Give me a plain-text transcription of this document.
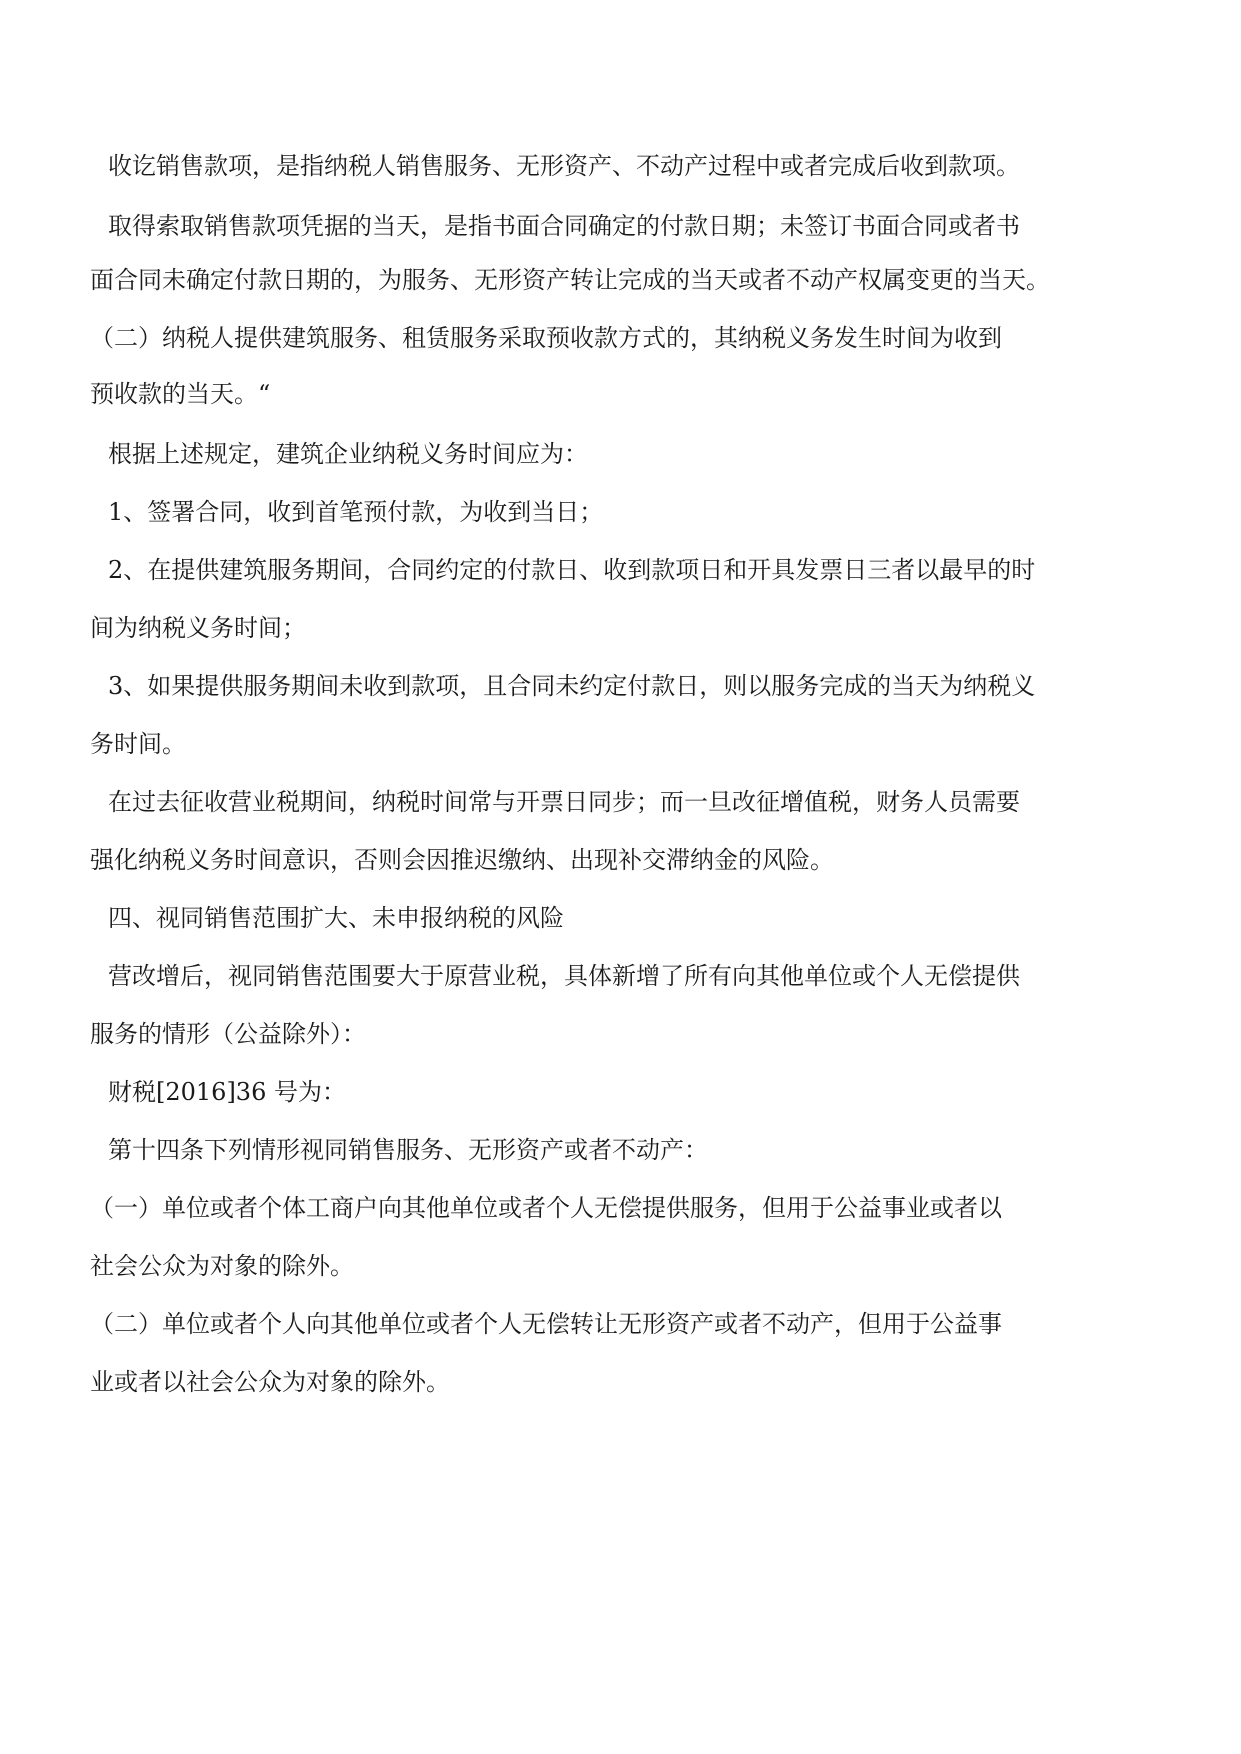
收讫销售款项，是指纳税人销售服务、无形资产、不动产过程中或者完成后收到款项。

取得索取销售款项凭据的当天，是指书面合同确定的付款日期；未签订书面合同或者书

面合同未确定付款日期的，为服务、无形资产转让完成的当天或者不动产权属变更的当天。

（二）纳税人提供建筑服务、租赁服务采取预收款方式的，其纳税义务发生时间为收到

预收款的当天。“

根据上述规定，建筑企业纳税义务时间应为：

1、签署合同，收到首笔预付款，为收到当日；

2、在提供建筑服务期间，合同约定的付款日、收到款项日和开具发票日三者以最早的时

间为纳税义务时间；

3、如果提供服务期间未收到款项，且合同未约定付款日，则以服务完成的当天为纳税义

务时间。

在过去征收营业税期间，纳税时间常与开票日同步；而一旦改征增值税，财务人员需要

强化纳税义务时间意识，否则会因推迟缴纳、出现补交滞纳金的风险。

四、视同销售范围扩大、未申报纳税的风险

营改增后，视同销售范围要大于原营业税，具体新增了所有向其他单位或个人无偿提供

服务的情形（公益除外）：

财税[2016]36 号为：

第十四条下列情形视同销售服务、无形资产或者不动产：

（一）单位或者个体工商户向其他单位或者个人无偿提供服务，但用于公益事业或者以

社会公众为对象的除外。

（二）单位或者个人向其他单位或者个人无偿转让无形资产或者不动产，但用于公益事

业或者以社会公众为对象的除外。
